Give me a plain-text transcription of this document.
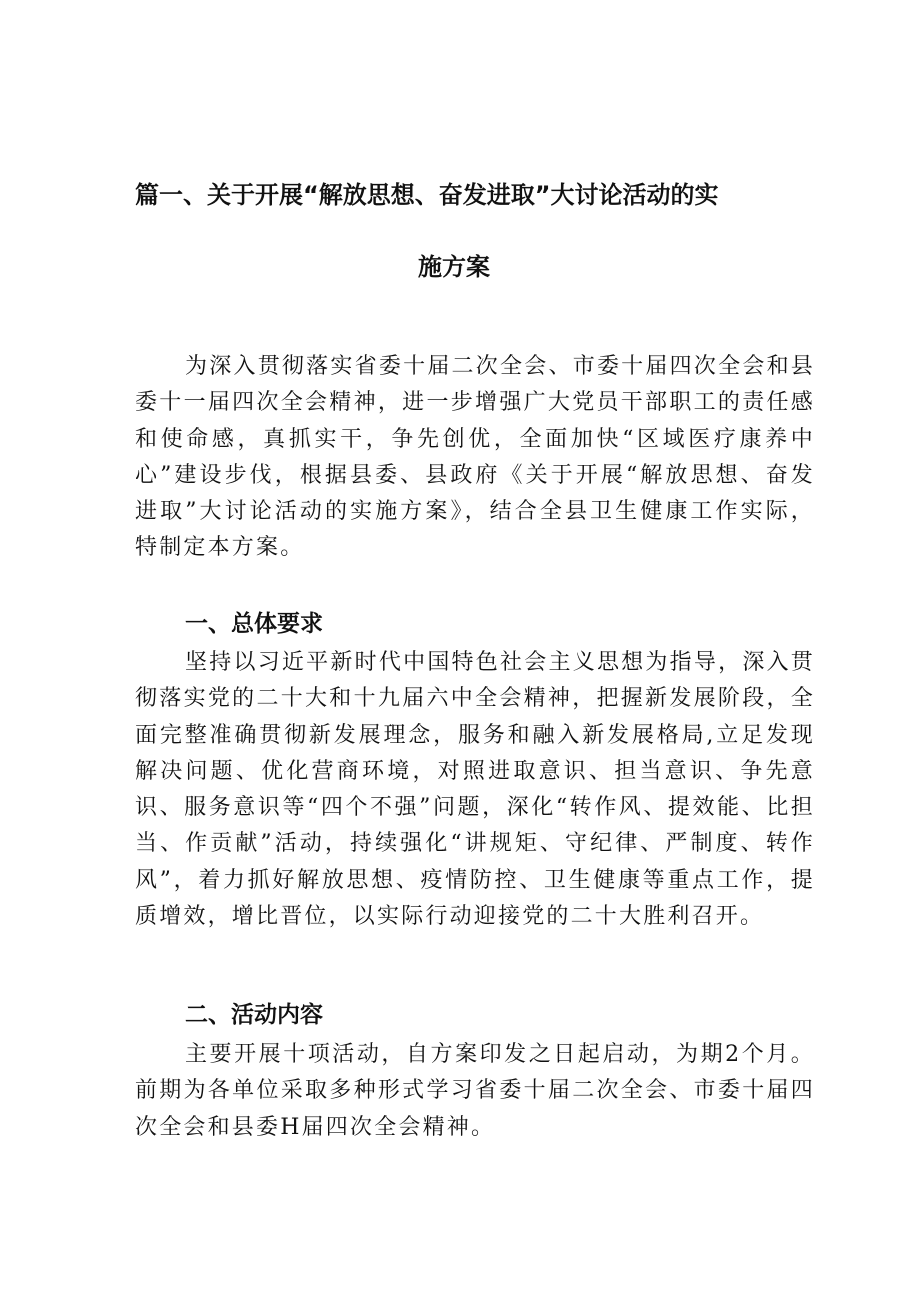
篇一、关于开展“解放思想、奋发进取”大讨论活动的实
施方案
为深入贯彻落实省委十届二次全会、市委十届四次全会和县委十一届四次全会精神，进一步增强广大党员干部职工的责任感和使命感，真抓实干，争先创优，全面加快“区域医疗康养中心”建设步伐，根据县委、县政府《关于开展“解放思想、奋发进取”大讨论活动的实施方案》，结合全县卫生健康工作实际，特制定本方案。
一、总体要求
坚持以习近平新时代中国特色社会主义思想为指导，深入贯彻落实党的二十大和十九届六中全会精神，把握新发展阶段，全面完整准确贯彻新发展理念，服务和融入新发展格局,立足发现解决问题、优化营商环境，对照进取意识、担当意识、争先意识、服务意识等“四个不强”问题，深化“转作风、提效能、比担当、作贡献”活动，持续强化“讲规矩、守纪律、严制度、转作风”，着力抓好解放思想、疫情防控、卫生健康等重点工作，提质增效，增比晋位，以实际行动迎接党的二十大胜利召开。
二、活动内容
主要开展十项活动，自方案印发之日起启动，为期2个月。前期为各单位采取多种形式学习省委十届二次全会、市委十届四次全会和县委H届四次全会精神。
